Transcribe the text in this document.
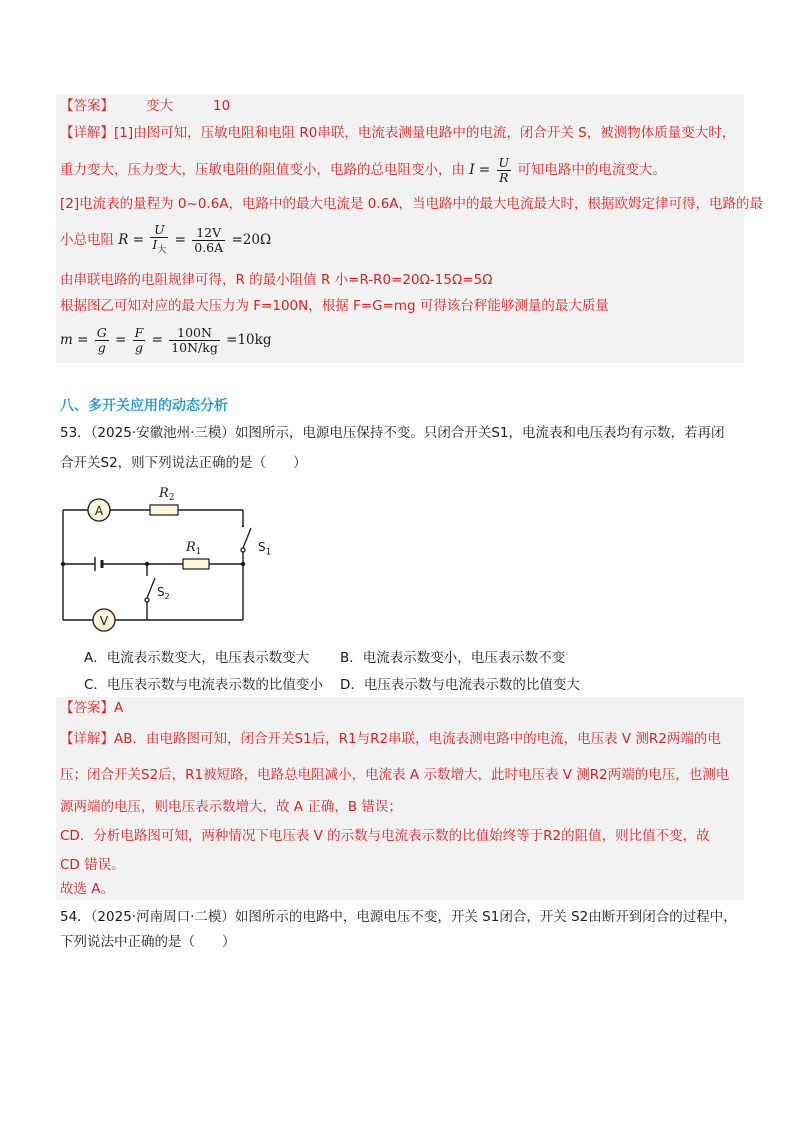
【答案】 变大	10
【详解】[1]由图可知，压敏电阻和电阻 R0串联，电流表测量电路中的电流，闭合开关 S，被测物体质量变大时，
重力变大，压力变大，压敏电阻的阻值变小，电路的总电阻变小，由 $I = \frac{U}{R}$ 可知电路中的电流变大。
[2]电流表的量程为 0~0.6A，电路中的最大电流是 0.6A，当电路中的最大电流最大时，根据欧姆定律可得，电路的最
小总电阻 $R = \frac{U}{I_大} = \frac{12V}{0.6A} =20\Omega$
由串联电路的电阻规律可得，R 的最小阻值 R 小=R-R0=20Ω-15Ω=5Ω
根据图乙可知对应的最大压力为 F=100N，根据 F=G=mg 可得该台秤能够测量的最大质量
$m = \frac{G}{g} = \frac{F}{g} = \frac{100N}{10N/kg} =10kg$
八、多开关应用的动态分析
53．（2025·安徽池州·三模）如图所示，电源电压保持不变。只闭合开关S1，电流表和电压表均有示数，若再闭
合开关S2，则下列说法正确的是（　　）
A
V
$R_2$
$R_1$
$S_2$
$S_1$
A．电流表示数变大，电压表示数变大 B．电流表示数变小，电压表示数不变
C．电压表示数与电流表示数的比值变小 D．电压表示数与电流表示数的比值变大
【答案】A
【详解】AB．由电路图可知，闭合开关S1后，R1与R2串联，电流表测电路中的电流，电压表 V 测R2两端的电
压；闭合开关S2后，R1被短路，电路总电阻减小，电流表 A 示数增大，此时电压表 V 测R2两端的电压，也测电
源两端的电压，则电压表示数增大，故 A 正确，B 错误；
CD．分析电路图可知，两种情况下电压表 V 的示数与电流表示数的比值始终等于R2的阻值，则比值不变，故
CD 错误。
故选 A。
54．（2025·河南周口·二模）如图所示的电路中，电源电压不变，开关 S1闭合，开关 S2由断开到闭合的过程中，
下列说法中正确的是（　　）
